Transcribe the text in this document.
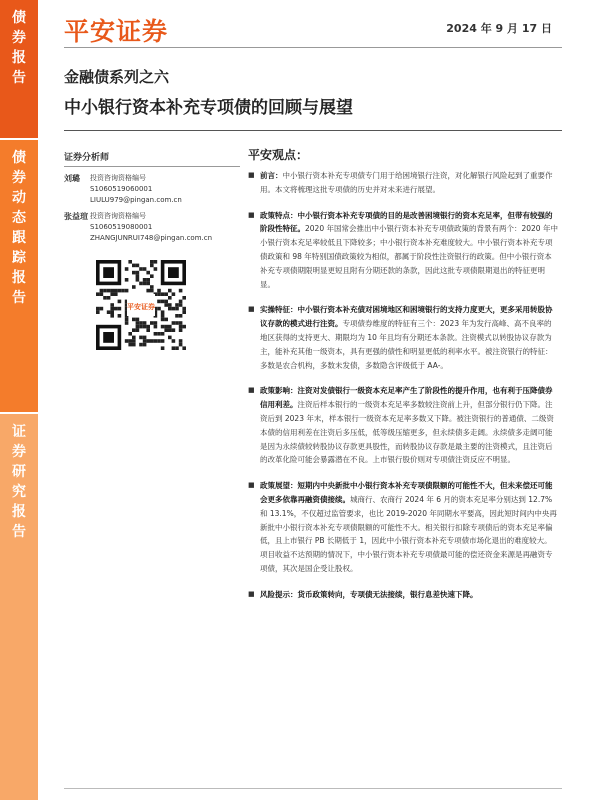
债
券
报
告
债
券
动
态
跟
踪
报
告
证
券
研
究
报
告
平安证券	2024 年 9 月 17 日
金融债系列之六
中小银行资本补充专项债的回顾与展望
证券分析师
刘璐	投资咨询资格编号
S1060519060001
LIULU979@pingan.com.cn
张益瑄 投资咨询资格编号
S1060519080001
ZHANGJUNRUI748@pingan.com.cn
平安证券
平安观点：
■ 前言：中小银行资本补充专项债专门用于给困境银行注资，对化解银行风险起到了重要作用。本文将梳理这批专项债的历史并对未来进行展望。
■ 政策特点：中小银行资本补充专项债的目的是改善困境银行的资本充足率，但带有较强的阶段性特征。2020 年国常会推出中小银行资本补充专项债政策的背景有两个：2020 年中小银行资本充足率较低且下降较多；中小银行资本补充难度较大。中小银行资本补充专项债政策和 98 年特别国债政策较为相似，都属于阶段性注资银行的政策。但中小银行资本补充专项债期限明显更短且附有分期还款的条款，因此这批专项债限期退出的特征更明显。
■ 实操特征：中小银行资本补充债对困境地区和困境银行的支持力度更大，更多采用转股协议存款的模式进行注资。专项债券维度的特征有三个：2023 年为发行高峰、高不良率的地区获得的支持更大、期限均为 10 年且均有分期还本条款。注资模式以转股协议存款为主，能补充其他一级资本，具有更强的债性和明显更低的利率水平。被注资银行的特征：多数是农合机构，多数未发债，多数隐含评级低于 AA-。
■ 政策影响：注资对发债银行一级资本充足率产生了阶段性的提升作用，也有利于压降债券信用利差。注资后样本银行的一级资本充足率多数较注资前上升，但部分银行仍下降。注资后到 2023 年末，样本银行一级资本充足率多数又下降。被注资银行的普通债、二级资本债的信用利差在注资后多压低，低等级压缩更多，但永续债多走阔。永续债多走阔可能是因为永续债较转股协议存款更具股性，而转股协议存款是最主要的注资模式，且注资后的改革化险可能会暴露潜在不良。上市银行股价则对专项债注资反应不明显。
■ 政策展望：短期内中央新批中小银行资本补充专项债限额的可能性不大，但未来偿还可能会更多依靠再融资债接续。城商行、农商行 2024 年 6 月的资本充足率分别达到 12.7%和 13.1%，不仅超过监管要求，也比 2019-2020 年同期水平要高，因此短时间内中央再新批中小银行资本补充专项债限额的可能性不大。相关银行扣除专项债后的资本充足率偏低，且上市银行 PB 长期低于 1，因此中小银行资本补充专项债市场化退出的难度较大。项目收益不达预期的情况下，中小银行资本补充专项债最可能的偿还资金来源是再融资专项债，其次是国企受让股权。
■ 风险提示：货币政策转向，专项债无法接续，银行息差快速下降。
